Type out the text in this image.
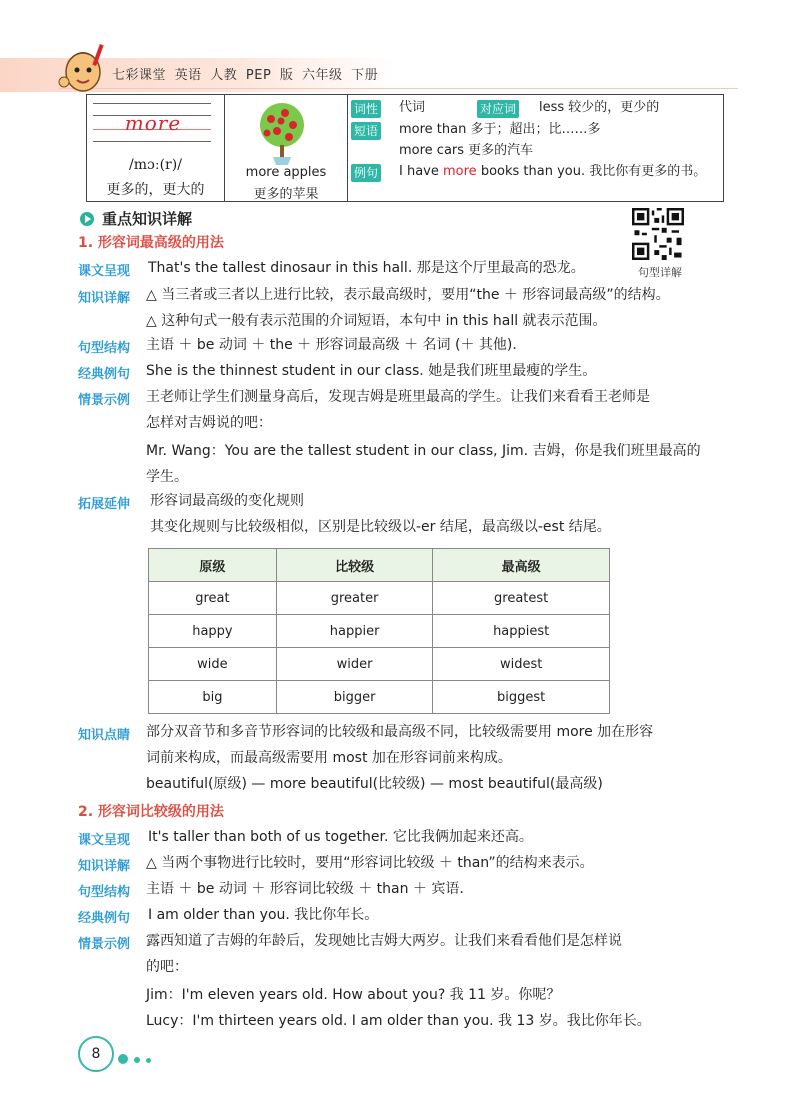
七彩课堂 英语 人教 PEP 版 六年级 下册
more
/mɔː(r)/
更多的，更大的
more apples
更多的苹果
词性 代词	对应词 less 较少的，更少的
短语 more than 多于；超出；比……多
more cars 更多的汽车
例句 I have more books than you. 我比你有更多的书。
重点知识详解
句型详解
1. 形容词最高级的用法
课文呈现 That's the tallest dinosaur in this hall. 那是这个厅里最高的恐龙。
知识详解 △ 当三者或三者以上进行比较，表示最高级时，要用“the ＋ 形容词最高级”的结构。
△ 这种句式一般有表示范围的介词短语，本句中 in this hall 就表示范围。
句型结构 主语 ＋ be 动词 ＋ the ＋ 形容词最高级 ＋ 名词 (＋ 其他).
经典例句 She is the thinnest student in our class. 她是我们班里最瘦的学生。
情景示例 王老师让学生们测量身高后，发现吉姆是班里最高的学生。让我们来看看王老师是
怎样对吉姆说的吧：
Mr. Wang：You are the tallest student in our class, Jim. 吉姆，你是我们班里最高的
学生。
拓展延伸 形容词最高级的变化规则
其变化规则与比较级相似，区别是比较级以-er 结尾，最高级以-est 结尾。
原级	比较级	最高级
great	greater	greatest
happy	happier	happiest
wide	wider	widest
big	bigger	biggest
知识点睛 部分双音节和多音节形容词的比较级和最高级不同，比较级需要用 more 加在形容
词前来构成，而最高级需要用 most 加在形容词前来构成。
beautiful(原级) — more beautiful(比较级) — most beautiful(最高级)
2. 形容词比较级的用法
课文呈现 It's taller than both of us together. 它比我俩加起来还高。
知识详解 △ 当两个事物进行比较时，要用“形容词比较级 ＋ than”的结构来表示。
句型结构 主语 ＋ be 动词 ＋ 形容词比较级 ＋ than ＋ 宾语.
经典例句 I am older than you. 我比你年长。
情景示例 露西知道了吉姆的年龄后，发现她比吉姆大两岁。让我们来看看他们是怎样说
的吧：
Jim：I'm eleven years old. How about you? 我 11 岁。你呢？
Lucy：I'm thirteen years old. I am older than you. 我 13 岁。我比你年长。
8
